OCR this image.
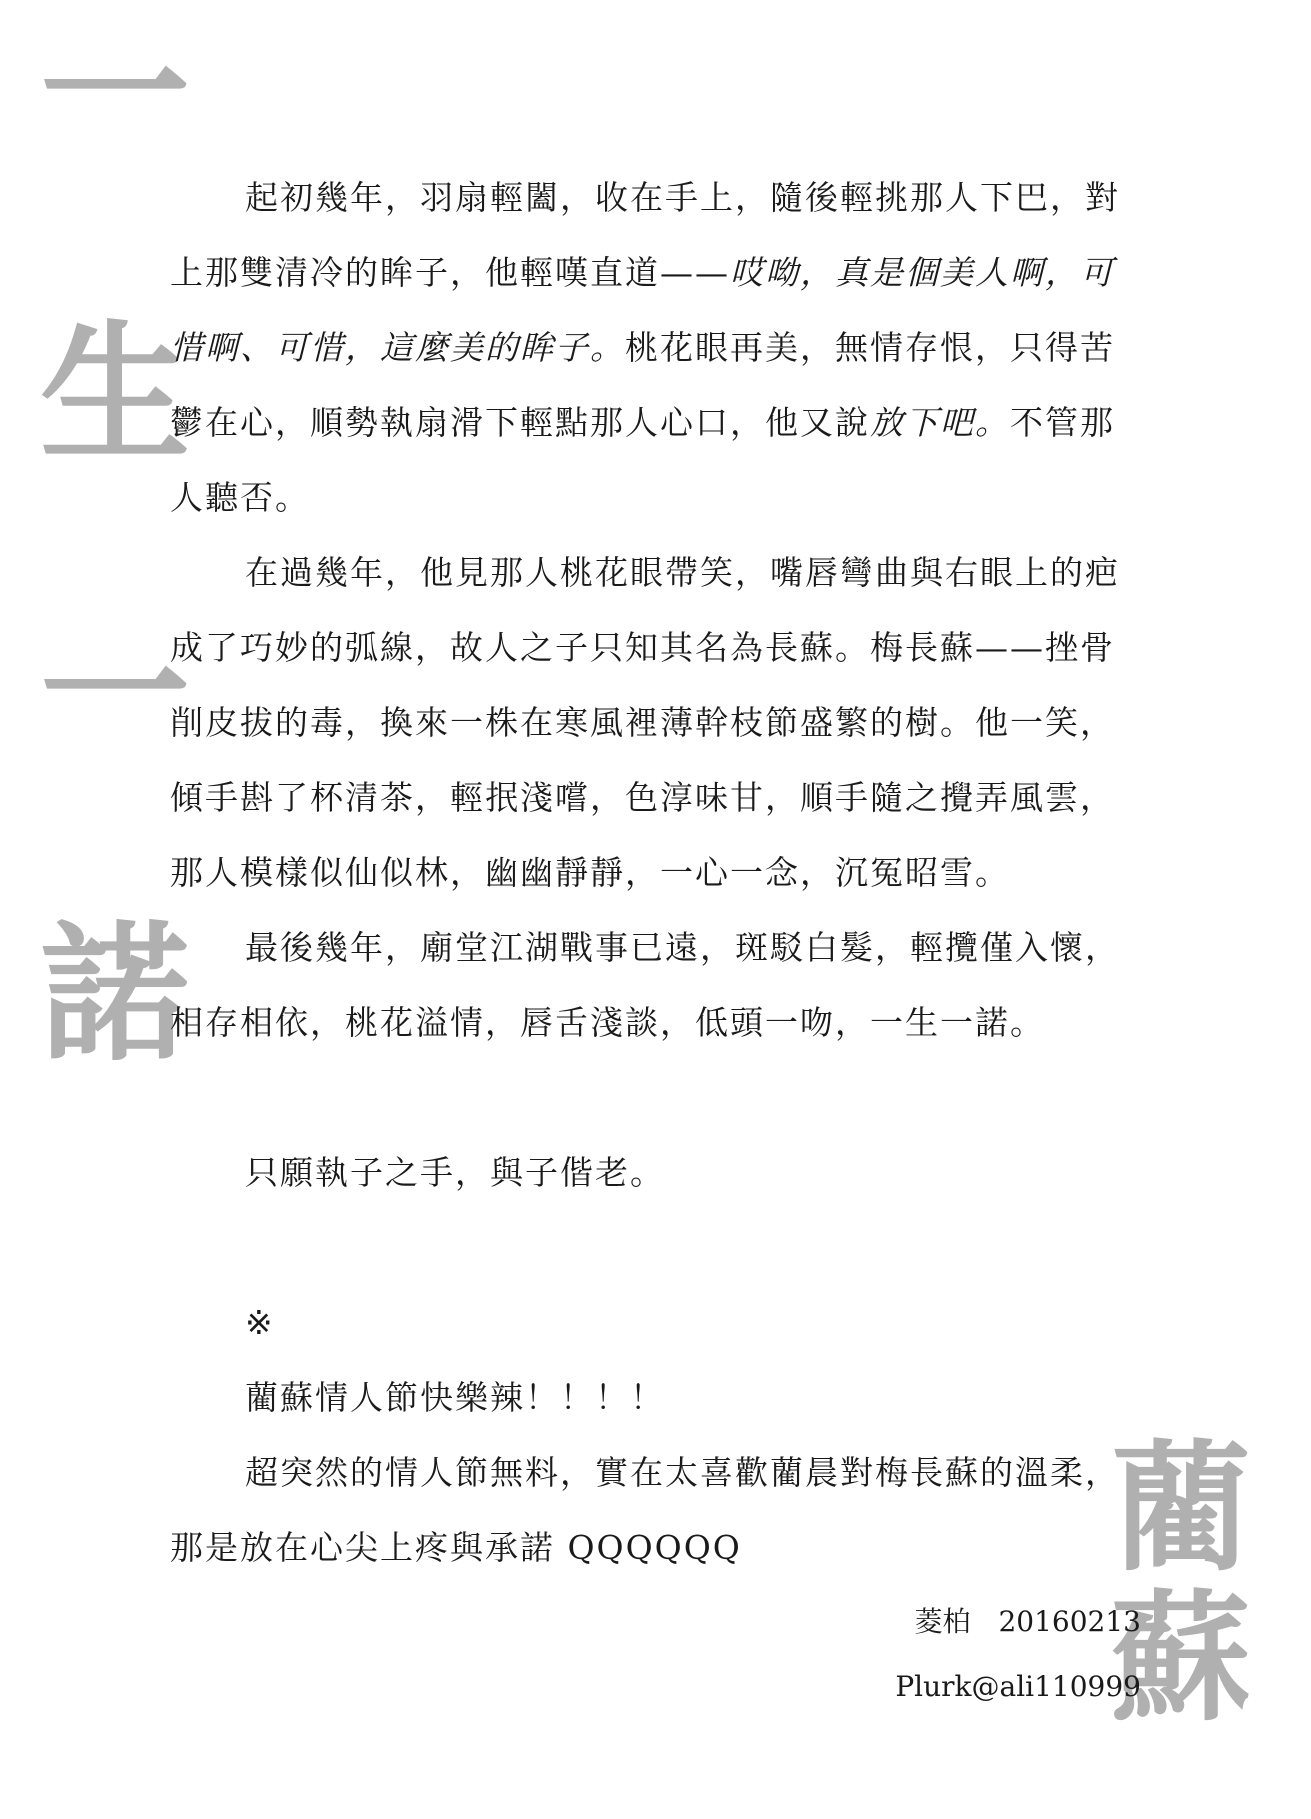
一
生
一
諾
藺
蘇

起初幾年，羽扇輕闔，收在手上，隨後輕挑那人下巴，對上那雙清冷的眸子，他輕嘆直道——哎呦，真是個美人啊，可惜啊、可惜，這麼美的眸子。桃花眼再美，無情存恨，只得苦鬱在心，順勢執扇滑下輕點那人心口，他又說放下吧。不管那人聽否。

在過幾年，他見那人桃花眼帶笑，嘴唇彎曲與右眼上的疤成了巧妙的弧線，故人之子只知其名為長蘇。梅長蘇——挫骨削皮拔的毒，換來一株在寒風裡薄幹枝節盛繁的樹。他一笑，傾手斟了杯清茶，輕抿淺嚐，色淳味甘，順手隨之攪弄風雲，那人模樣似仙似林，幽幽靜靜，一心一念，沉冤昭雪。

最後幾年，廟堂江湖戰事已遠，斑駁白髮，輕攬僅入懷，相存相依，桃花溢情，唇舌淺談，低頭一吻，一生一諾。

只願執子之手，與子偕老。

※

藺蘇情人節快樂辣！！！！

超突然的情人節無料，實在太喜歡藺晨對梅長蘇的溫柔，那是放在心尖上疼與承諾 QQQQQQ

菱柏 20160213
Plurk@ali110999
